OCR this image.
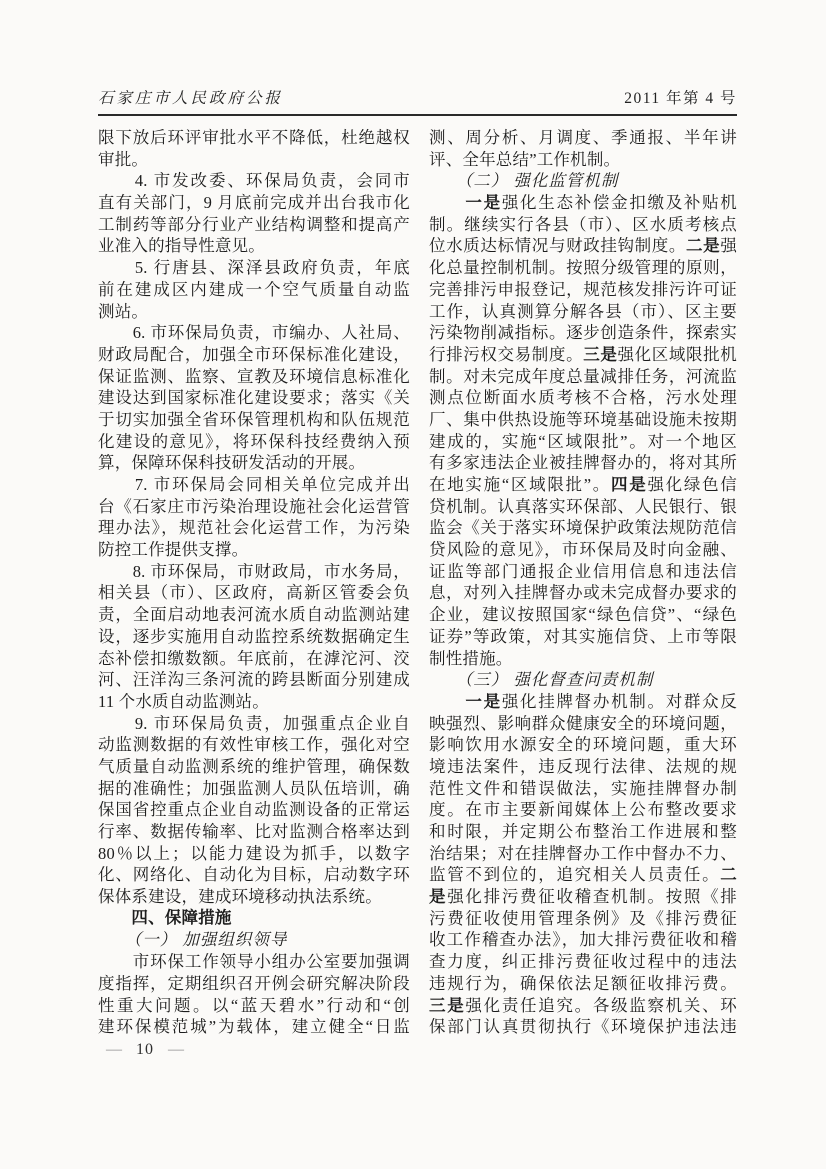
石家庄市人民政府公报	2011 年第 4 号
限下放后环评审批水平不降低，杜绝越权
审批。
　　4. 市发改委、环保局负责，会同市
直有关部门，9 月底前完成并出台我市化
工制药等部分行业产业结构调整和提高产
业准入的指导性意见。
　　5. 行唐县、深泽县政府负责，年底
前在建成区内建成一个空气质量自动监
测站。
　　6. 市环保局负责，市编办、人社局、
财政局配合，加强全市环保标准化建设，
保证监测、监察、宣教及环境信息标准化
建设达到国家标准化建设要求；落实《关
于切实加强全省环保管理机构和队伍规范
化建设的意见》，将环保科技经费纳入预
算，保障环保科技研发活动的开展。
　　7. 市环保局会同相关单位完成并出
台《石家庄市污染治理设施社会化运营管
理办法》，规范社会化运营工作，为污染
防控工作提供支撑。
　　8. 市环保局，市财政局，市水务局，
相关县（市）、区政府，高新区管委会负
责，全面启动地表河流水质自动监测站建
设，逐步实施用自动监控系统数据确定生
态补偿扣缴数额。年底前，在滹沱河、洨
河、汪洋沟三条河流的跨县断面分别建成
11 个水质自动监测站。
　　9. 市环保局负责，加强重点企业自
动监测数据的有效性审核工作，强化对空
气质量自动监测系统的维护管理，确保数
据的准确性；加强监测人员队伍培训，确
保国省控重点企业自动监测设备的正常运
行率、数据传输率、比对监测合格率达到
80％以上；以能力建设为抓手，以数字
化、网络化、自动化为目标，启动数字环
保体系建设，建成环境移动执法系统。
　　四、保障措施
　　（一） 加强组织领导
　　市环保工作领导小组办公室要加强调
度指挥，定期组织召开例会研究解决阶段
性重大问题。以“蓝天碧水”行动和“创
建环保模范城”为载体，建立健全“日监
测、周分析、月调度、季通报、半年讲
评、全年总结”工作机制。
　　（二） 强化监管机制
　　一是强化生态补偿金扣缴及补贴机
制。继续实行各县（市）、区水质考核点
位水质达标情况与财政挂钩制度。二是强
化总量控制机制。按照分级管理的原则，
完善排污申报登记，规范核发排污许可证
工作，认真测算分解各县（市）、区主要
污染物削减指标。逐步创造条件，探索实
行排污权交易制度。三是强化区域限批机
制。对未完成年度总量减排任务，河流监
测点位断面水质考核不合格，污水处理
厂、集中供热设施等环境基础设施未按期
建成的，实施“区域限批”。对一个地区
有多家违法企业被挂牌督办的，将对其所
在地实施“区域限批”。四是强化绿色信
贷机制。认真落实环保部、人民银行、银
监会《关于落实环境保护政策法规防范信
贷风险的意见》，市环保局及时向金融、
证监等部门通报企业信用信息和违法信
息，对列入挂牌督办或未完成督办要求的
企业，建议按照国家“绿色信贷”、“绿色
证券”等政策，对其实施信贷、上市等限
制性措施。
　　（三） 强化督查问责机制
　　一是强化挂牌督办机制。对群众反
映强烈、影响群众健康安全的环境问题，
影响饮用水源安全的环境问题，重大环
境违法案件，违反现行法律、法规的规
范性文件和错误做法，实施挂牌督办制
度。在市主要新闻媒体上公布整改要求
和时限，并定期公布整治工作进展和整
治结果；对在挂牌督办工作中督办不力、
监管不到位的，追究相关人员责任。二
是强化排污费征收稽查机制。按照《排
污费征收使用管理条例》及《排污费征
收工作稽查办法》，加大排污费征收和稽
查力度，纠正排污费征收过程中的违法
违规行为，确保依法足额征收排污费。
三是强化责任追究。各级监察机关、环
保部门认真贯彻执行《环境保护违法违
— 10 —
